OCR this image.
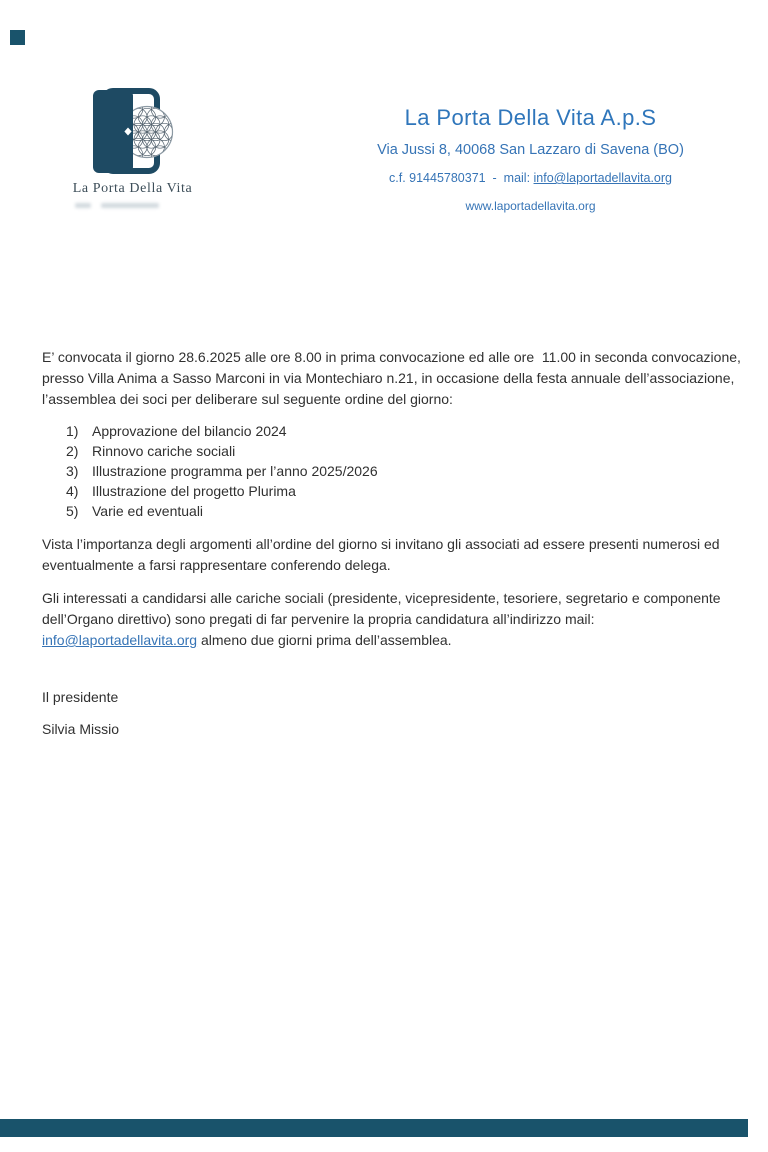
La Porta Della Vita
La Porta Della Vita A.p.S
Via Jussi 8, 40068 San Lazzaro di Savena (BO)
c.f. 91445780371  -  mail: info@laportadellavita.org
www.laportadellavita.org
E’ convocata il giorno 28.6.2025 alle ore 8.00 in prima convocazione ed alle ore  11.00 in seconda convocazione, presso Villa Anima a Sasso Marconi in via Montechiaro n.21, in occasione della festa annuale dell’associazione, l’assemblea dei soci per deliberare sul seguente ordine del giorno:
1) Approvazione del bilancio 2024
2) Rinnovo cariche sociali
3) Illustrazione programma per l’anno 2025/2026
4) Illustrazione del progetto Plurima
5) Varie ed eventuali
Vista l’importanza degli argomenti all’ordine del giorno si invitano gli associati ad essere presenti numerosi ed eventualmente a farsi rappresentare conferendo delega.
Gli interessati a candidarsi alle cariche sociali (presidente, vicepresidente, tesoriere, segretario e componente dell’Organo direttivo) sono pregati di far pervenire la propria candidatura all’indirizzo mail: info@laportadellavita.org almeno due giorni prima dell’assemblea.
Il presidente
Silvia Missio
